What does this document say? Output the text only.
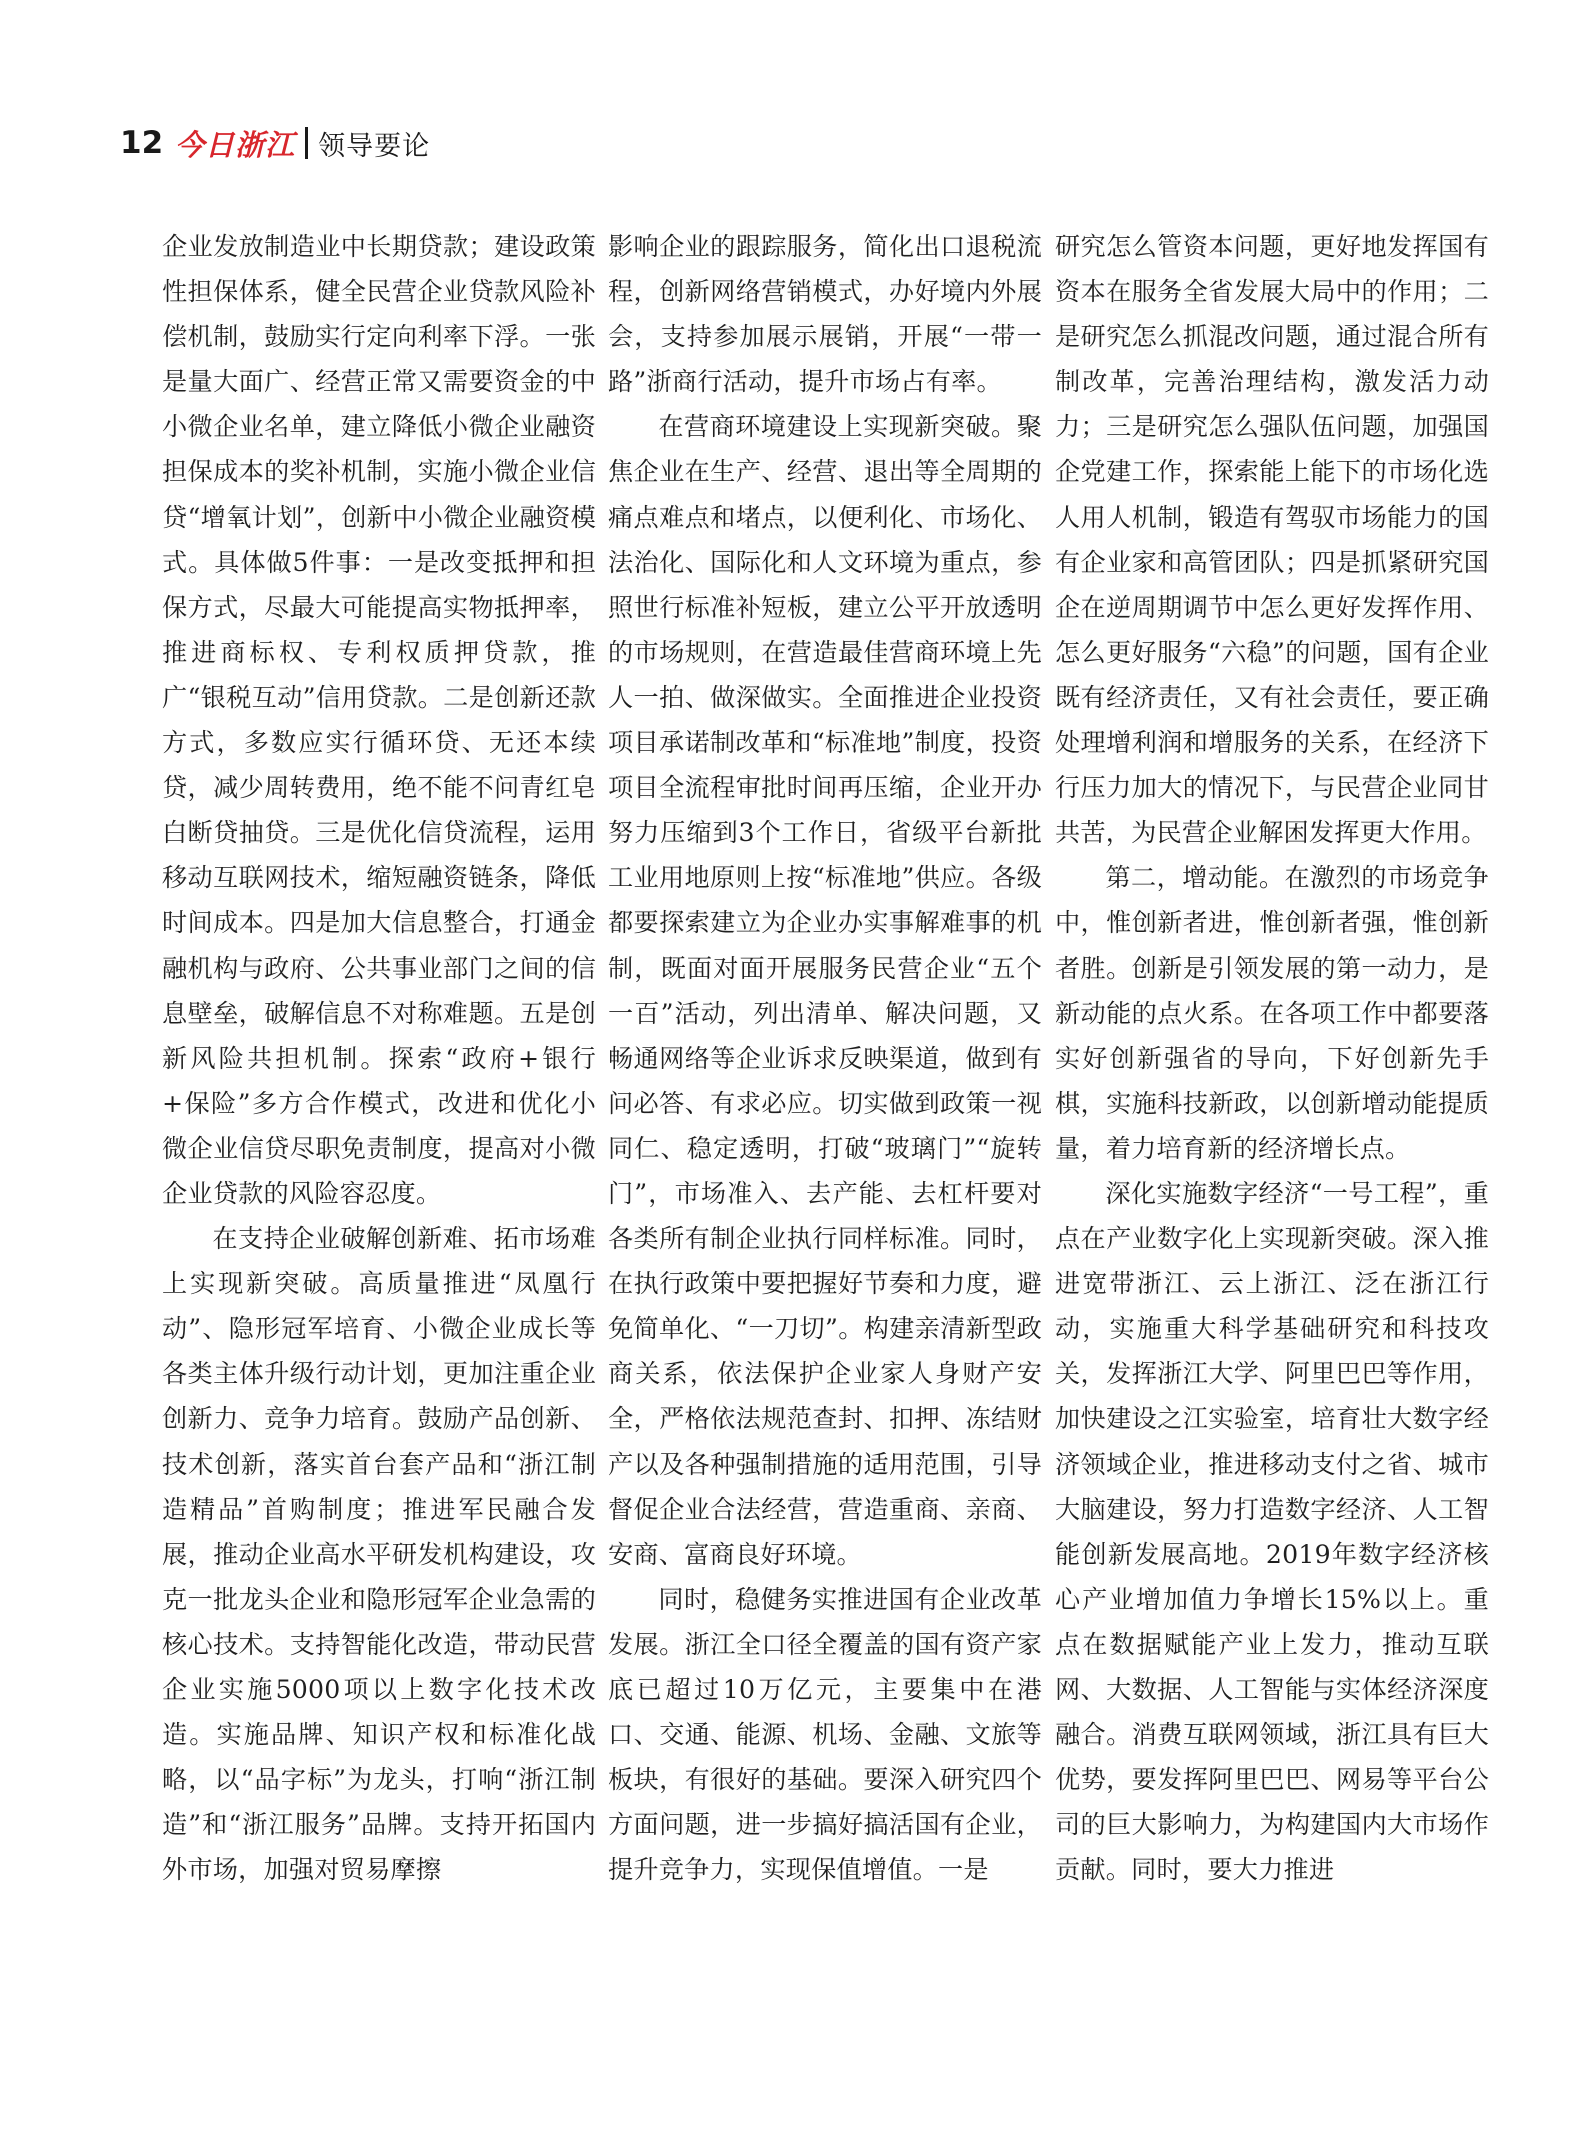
12 今日浙江 领导要论

企业发放制造业中长期贷款；建设政策性担保体系，健全民营企业贷款风险补偿机制，鼓励实行定向利率下浮。一张是量大面广、经营正常又需要资金的中小微企业名单，建立降低小微企业融资担保成本的奖补机制，实施小微企业信贷“增氧计划”，创新中小微企业融资模式。具体做5件事：一是改变抵押和担保方式，尽最大可能提高实物抵押率，推进商标权、专利权质押贷款，推广“银税互动”信用贷款。二是创新还款方式，多数应实行循环贷、无还本续贷，减少周转费用，绝不能不问青红皂白断贷抽贷。三是优化信贷流程，运用移动互联网技术，缩短融资链条，降低时间成本。四是加大信息整合，打通金融机构与政府、公共事业部门之间的信息壁垒，破解信息不对称难题。五是创新风险共担机制。探索“政府+银行+保险”多方合作模式，改进和优化小微企业信贷尽职免责制度，提高对小微企业贷款的风险容忍度。

在支持企业破解创新难、拓市场难上实现新突破。高质量推进“凤凰行动”、隐形冠军培育、小微企业成长等各类主体升级行动计划，更加注重企业创新力、竞争力培育。鼓励产品创新、技术创新，落实首台套产品和“浙江制造精品”首购制度；推进军民融合发展，推动企业高水平研发机构建设，攻克一批龙头企业和隐形冠军企业急需的核心技术。支持智能化改造，带动民营企业实施5000项以上数字化技术改造。实施品牌、知识产权和标准化战略，以“品字标”为龙头，打响“浙江制造”和“浙江服务”品牌。支持开拓国内外市场，加强对贸易摩擦

影响企业的跟踪服务，简化出口退税流程，创新网络营销模式，办好境内外展会，支持参加展示展销，开展“一带一路”浙商行活动，提升市场占有率。

在营商环境建设上实现新突破。聚焦企业在生产、经营、退出等全周期的痛点难点和堵点，以便利化、市场化、法治化、国际化和人文环境为重点，参照世行标准补短板，建立公平开放透明的市场规则，在营造最佳营商环境上先人一拍、做深做实。全面推进企业投资项目承诺制改革和“标准地”制度，投资项目全流程审批时间再压缩，企业开办努力压缩到3个工作日，省级平台新批工业用地原则上按“标准地”供应。各级都要探索建立为企业办实事解难事的机制，既面对面开展服务民营企业“五个一百”活动，列出清单、解决问题，又畅通网络等企业诉求反映渠道，做到有问必答、有求必应。切实做到政策一视同仁、稳定透明，打破“玻璃门”“旋转门”，市场准入、去产能、去杠杆要对各类所有制企业执行同样标准。同时，在执行政策中要把握好节奏和力度，避免简单化、“一刀切”。构建亲清新型政商关系，依法保护企业家人身财产安全，严格依法规范查封、扣押、冻结财产以及各种强制措施的适用范围，引导督促企业合法经营，营造重商、亲商、安商、富商良好环境。

同时，稳健务实推进国有企业改革发展。浙江全口径全覆盖的国有资产家底已超过10万亿元，主要集中在港口、交通、能源、机场、金融、文旅等板块，有很好的基础。要深入研究四个方面问题，进一步搞好搞活国有企业，提升竞争力，实现保值增值。一是

研究怎么管资本问题，更好地发挥国有资本在服务全省发展大局中的作用；二是研究怎么抓混改问题，通过混合所有制改革，完善治理结构，激发活力动力；三是研究怎么强队伍问题，加强国企党建工作，探索能上能下的市场化选人用人机制，锻造有驾驭市场能力的国有企业家和高管团队；四是抓紧研究国企在逆周期调节中怎么更好发挥作用、怎么更好服务“六稳”的问题，国有企业既有经济责任，又有社会责任，要正确处理增利润和增服务的关系，在经济下行压力加大的情况下，与民营企业同甘共苦，为民营企业解困发挥更大作用。

第二，增动能。在激烈的市场竞争中，惟创新者进，惟创新者强，惟创新者胜。创新是引领发展的第一动力，是新动能的点火系。在各项工作中都要落实好创新强省的导向，下好创新先手棋，实施科技新政，以创新增动能提质量，着力培育新的经济增长点。

深化实施数字经济“一号工程”，重点在产业数字化上实现新突破。深入推进宽带浙江、云上浙江、泛在浙江行动，实施重大科学基础研究和科技攻关，发挥浙江大学、阿里巴巴等作用，加快建设之江实验室，培育壮大数字经济领域企业，推进移动支付之省、城市大脑建设，努力打造数字经济、人工智能创新发展高地。2019年数字经济核心产业增加值力争增长15%以上。重点在数据赋能产业上发力，推动互联网、大数据、人工智能与实体经济深度融合。消费互联网领域，浙江具有巨大优势，要发挥阿里巴巴、网易等平台公司的巨大影响力，为构建国内大市场作贡献。同时，要大力推进
